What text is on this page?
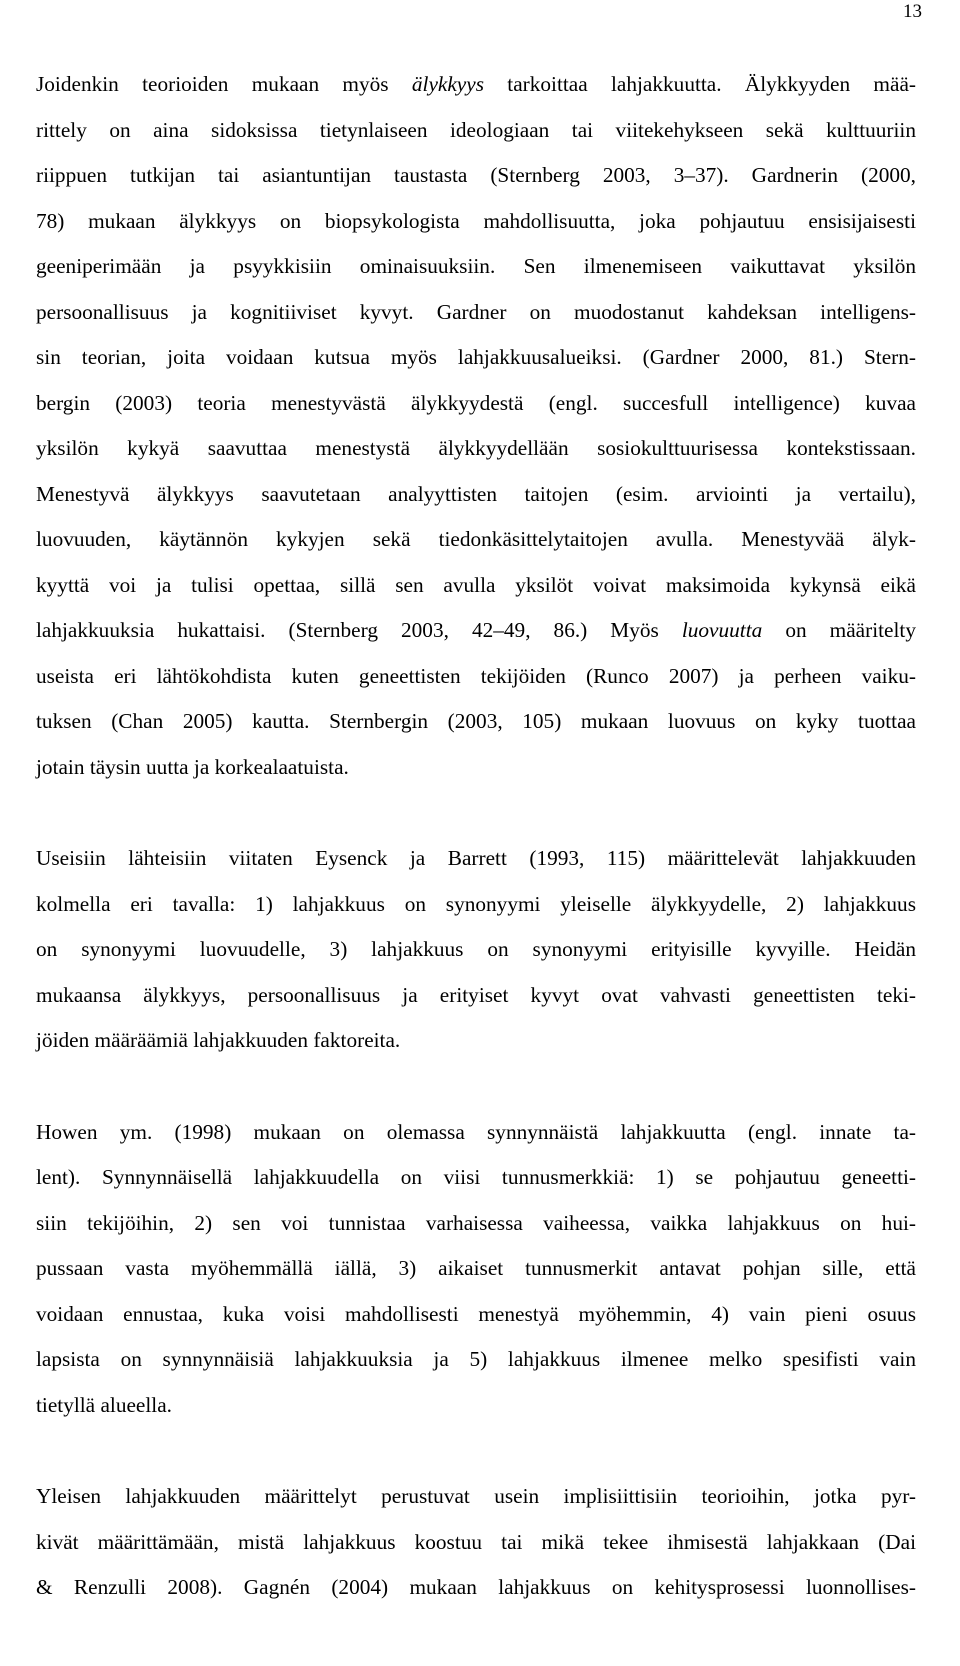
13
Joidenkin teorioiden mukaan myös älykkyys tarkoittaa lahjakkuutta. Älykkyyden mää-
rittely on aina sidoksissa tietynlaiseen ideologiaan tai viitekehykseen sekä kulttuuriin
riippuen tutkijan tai asiantuntijan taustasta (Sternberg 2003, 3–37). Gardnerin (2000,
78) mukaan älykkyys on biopsykologista mahdollisuutta, joka pohjautuu ensisijaisesti
geeniperimään ja psyykkisiin ominaisuuksiin. Sen ilmenemiseen vaikuttavat yksilön
persoonallisuus ja kognitiiviset kyvyt. Gardner on muodostanut kahdeksan intelligens-
sin teorian, joita voidaan kutsua myös lahjakkuusalueiksi. (Gardner 2000, 81.) Stern-
bergin (2003) teoria menestyvästä älykkyydestä (engl. succesfull intelligence) kuvaa
yksilön kykyä saavuttaa menestystä älykkyydellään sosiokulttuurisessa kontekstissaan.
Menestyvä älykkyys saavutetaan analyyttisten taitojen (esim. arviointi ja vertailu),
luovuuden, käytännön kykyjen sekä tiedonkäsittelytaitojen avulla. Menestyvää älyk-
kyyttä voi ja tulisi opettaa, sillä sen avulla yksilöt voivat maksimoida kykynsä eikä
lahjakkuuksia hukattaisi. (Sternberg 2003, 42–49, 86.) Myös luovuutta on määritelty
useista eri lähtökohdista kuten geneettisten tekijöiden (Runco 2007) ja perheen vaiku-
tuksen (Chan 2005) kautta. Sternbergin (2003, 105) mukaan luovuus on kyky tuottaa
jotain täysin uutta ja korkealaatuista.
Useisiin lähteisiin viitaten Eysenck ja Barrett (1993, 115) määrittelevät lahjakkuuden
kolmella eri tavalla: 1) lahjakkuus on synonyymi yleiselle älykkyydelle, 2) lahjakkuus
on synonyymi luovuudelle, 3) lahjakkuus on synonyymi erityisille kyvyille. Heidän
mukaansa älykkyys, persoonallisuus ja erityiset kyvyt ovat vahvasti geneettisten teki-
jöiden määräämiä lahjakkuuden faktoreita.
Howen ym. (1998) mukaan on olemassa synnynnäistä lahjakkuutta (engl. innate ta-
lent). Synnynnäisellä lahjakkuudella on viisi tunnusmerkkiä: 1) se pohjautuu geneetti-
siin tekijöihin, 2) sen voi tunnistaa varhaisessa vaiheessa, vaikka lahjakkuus on hui-
pussaan vasta myöhemmällä iällä, 3) aikaiset tunnusmerkit antavat pohjan sille, että
voidaan ennustaa, kuka voisi mahdollisesti menestyä myöhemmin, 4) vain pieni osuus
lapsista on synnynnäisiä lahjakkuuksia ja 5) lahjakkuus ilmenee melko spesifisti vain
tietyllä alueella.
Yleisen lahjakkuuden määrittelyt perustuvat usein implisiittisiin teorioihin, jotka pyr-
kivät määrittämään, mistä lahjakkuus koostuu tai mikä tekee ihmisestä lahjakkaan (Dai
& Renzulli 2008). Gagnén (2004) mukaan lahjakkuus on kehitysprosessi luonnollises-
